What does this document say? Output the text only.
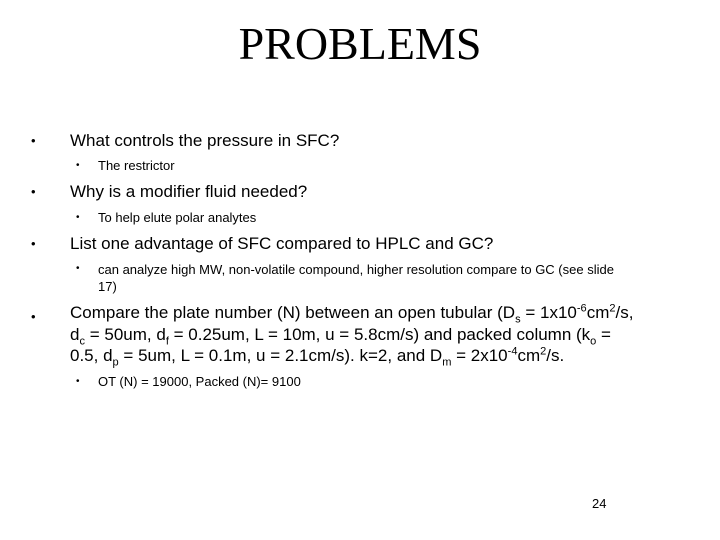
PROBLEMS
• What controls the pressure in SFC?
• The restrictor
• Why is a modifier fluid needed?
• To help elute polar analytes
• List one advantage of SFC compared to HPLC and GC?
• can analyze high MW, non-volatile compound, higher resolution compare to GC (see slide
17)
• Compare the plate number (N) between an open tubular ($D_s = 1x10^{-6}cm^2/s$,
$d_c = 50um$, $d_f = 0.25um$, L = 10m, u = 5.8cm/s) and packed column ($k_o$ =
0.5, $d_p = 5um$, L = 0.1m, u = 2.1cm/s). k=2, and $D_m = 2x10^{-4}cm^2/s$.
• OT (N) = 19000, Packed (N)= 9100
24
